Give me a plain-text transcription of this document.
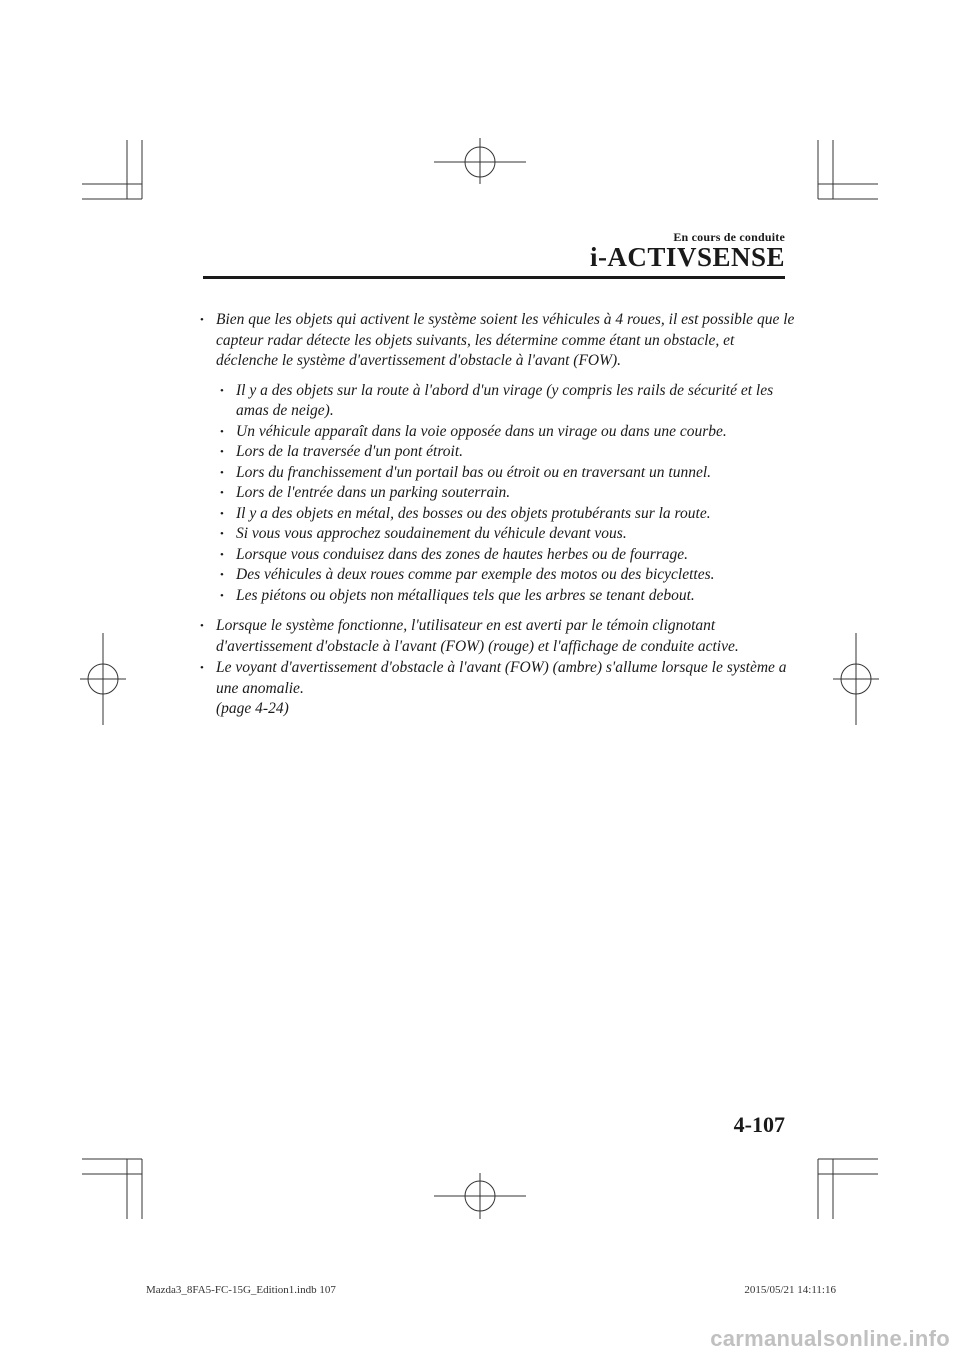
En cours de conduite
i-ACTIVSENSE
• Bien que les objets qui activent le système soient les véhicules à 4 roues, il est possible que le capteur radar détecte les objets suivants, les détermine comme étant un obstacle, et déclenche le système d'avertissement d'obstacle à l'avant (FOW).
• Il y a des objets sur la route à l'abord d'un virage (y compris les rails de sécurité et les amas de neige).
• Un véhicule apparaît dans la voie opposée dans un virage ou dans une courbe.
• Lors de la traversée d'un pont étroit.
• Lors du franchissement d'un portail bas ou étroit ou en traversant un tunnel.
• Lors de l'entrée dans un parking souterrain.
• Il y a des objets en métal, des bosses ou des objets protubérants sur la route.
• Si vous vous approchez soudainement du véhicule devant vous.
• Lorsque vous conduisez dans des zones de hautes herbes ou de fourrage.
• Des véhicules à deux roues comme par exemple des motos ou des bicyclettes.
• Les piétons ou objets non métalliques tels que les arbres se tenant debout.
• Lorsque le système fonctionne, l'utilisateur en est averti par le témoin clignotant d'avertissement d'obstacle à l'avant (FOW) (rouge) et l'affichage de conduite active.
• Le voyant d'avertissement d'obstacle à l'avant (FOW) (ambre) s'allume lorsque le système a une anomalie.
(page 4-24)
4-107
Mazda3_8FA5-FC-15G_Edition1.indb 107	2015/05/21 14:11:16
carmanualsonline.info
